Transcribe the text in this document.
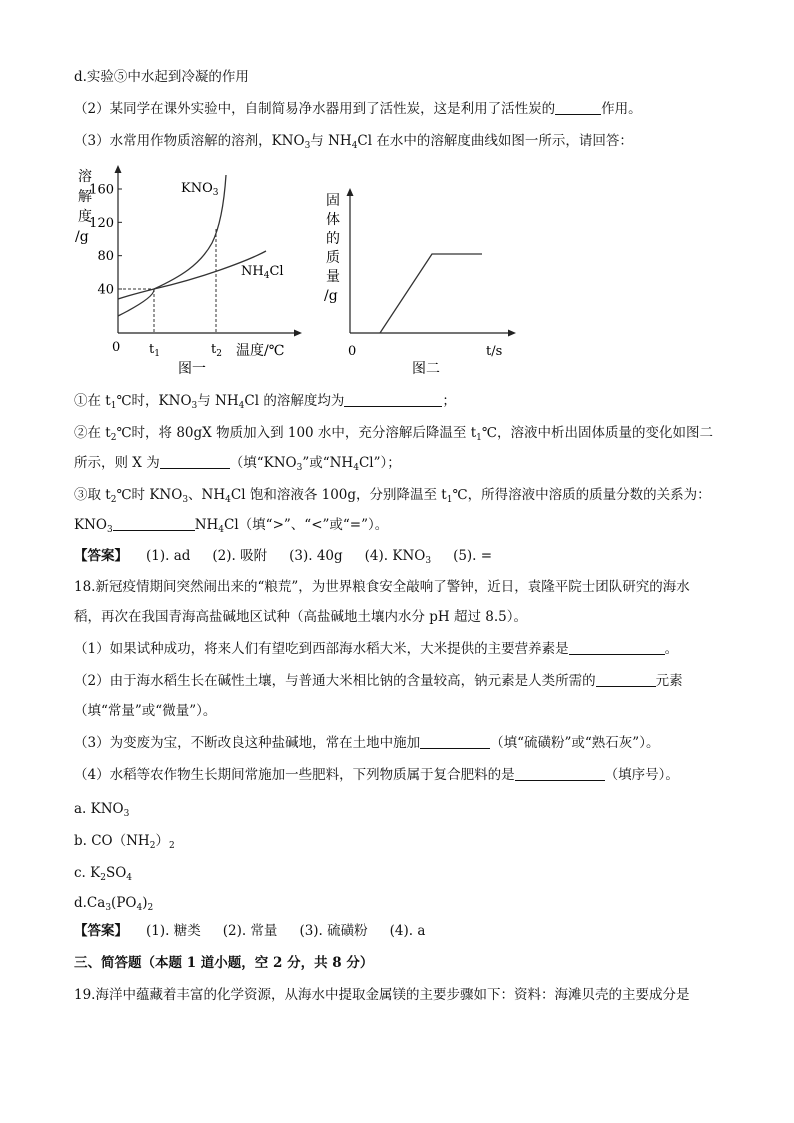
d.实验⑤中水起到冷凝的作用
（2）某同学在课外实验中，自制简易净水器用到了活性炭，这是利用了活性炭的	作用。
（3）水常用作物质溶解的溶剂，$KNO_3$与 $NH_4Cl$ 在水中的溶解度曲线如图一所示，请回答：
溶
解
度
/g
160
120
80
40
0 $t_1$	$t_2$ 温度/℃
图一
$KNO_3$
$NH_4Cl$
固
体
的
质
量
/g
0	t/s
图二
①在 $t_1℃$时，$KNO_3$与 $NH_4Cl$ 的溶解度均为	；
②在 $t_2℃$时，将 80gX 物质加入到 100 水中，充分溶解后降温至 $t_1℃$，溶液中析出固体质量的变化如图二
所示，则 X 为	（填“$KNO_3$”或“$NH_4Cl$”）；
③取 $t_2℃$时 $KNO_3$、$NH_4Cl$ 饱和溶液各 100g，分别降温至 $t_1℃$，所得溶液中溶质的质量分数的关系为：
$KNO_3$	$NH_4Cl$（填“>”、“<”或“=”）。
【答案】 (1). ad (2). 吸附 (3). 40g (4). $KNO_3$ (5). =
18.新冠疫情期间突然闹出来的“粮荒”，为世界粮食安全敲响了警钟，近日，袁隆平院士团队研究的海水
稻，再次在我国青海高盐碱地区试种（高盐碱地土壤内水分 pH 超过 8.5）。
（1）如果试种成功，将来人们有望吃到西部海水稻大米，大米提供的主要营养素是	。
（2）由于海水稻生长在碱性土壤，与普通大米相比钠的含量较高，钠元素是人类所需的	元素
（填“常量”或“微量”）。
（3）为变废为宝，不断改良这种盐碱地，常在土地中施加	（填“硫磺粉”或“熟石灰”）。
（4）水稻等农作物生长期间常施加一些肥料，下列物质属于复合肥料的是	（填序号）。
a. $KNO_3$
b. $CO(NH_2)_2$
c. $K_2SO_4$
$d.Ca_3(PO_4)_2$
【答案】 (1). 糖类 (2). 常量 (3). 硫磺粉 (4). a
三、简答题（本题 1 道小题，空 2 分，共 8 分）
19.海洋中蕴藏着丰富的化学资源，从海水中提取金属镁的主要步骤如下：资料：海滩贝壳的主要成分是
